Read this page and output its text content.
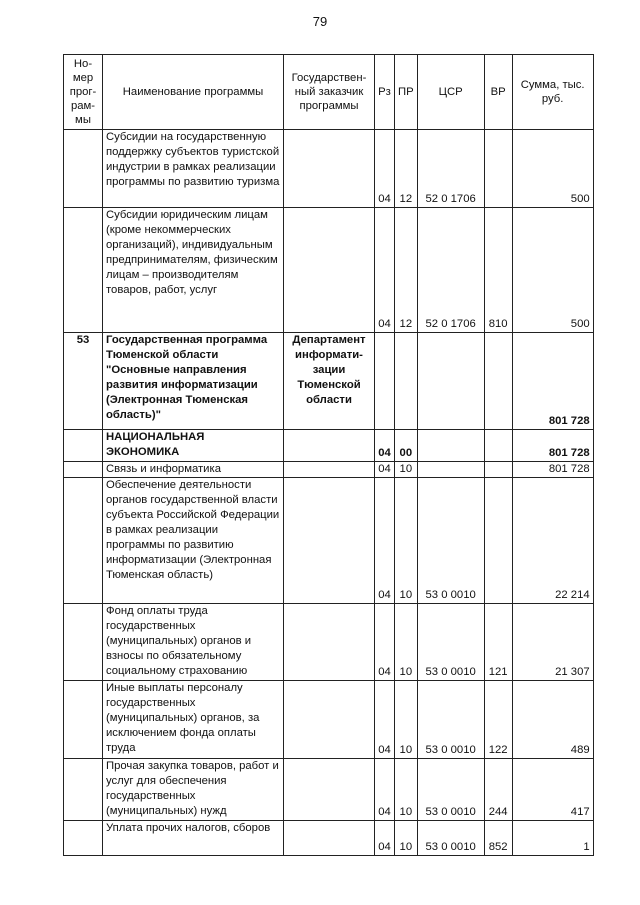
79
Но-мер прог-рам-мы	Наименование программы	Государствен-ный заказчик программы	Рз	ПР	ЦСР	ВР	Сумма, тыс. руб.
	Субсидии на государственную поддержку субъектов туристской индустрии в рамках реализации программы по развитию туризма		04	12	52 0 1706		500
	Субсидии юридическим лицам (кроме некоммерческих организаций), индивидуальным предпринимателям, физическим лицам – производителям товаров, работ, услуг		04	12	52 0 1706	810	500
53	Государственная программа Тюменской области "Основные направления развития информатизации (Электронная Тюменская область)"	Департамент информати-зации Тюменской области					801 728
	НАЦИОНАЛЬНАЯ ЭКОНОМИКА		04	00			801 728
	Связь и информатика		04	10			801 728
	Обеспечение деятельности органов государственной власти субъекта Российской Федерации в рамках реализации программы по развитию информатизации (Электронная Тюменская область)		04	10	53 0 0010		22 214
	Фонд оплаты труда государственных (муниципальных) органов и взносы по обязательному социальному страхованию		04	10	53 0 0010	121	21 307
	Иные выплаты персоналу государственных (муниципальных) органов, за исключением фонда оплаты труда		04	10	53 0 0010	122	489
	Прочая закупка товаров, работ и услуг для обеспечения государственных (муниципальных) нужд		04	10	53 0 0010	244	417
	Уплата прочих налогов, сборов		04	10	53 0 0010	852	1
